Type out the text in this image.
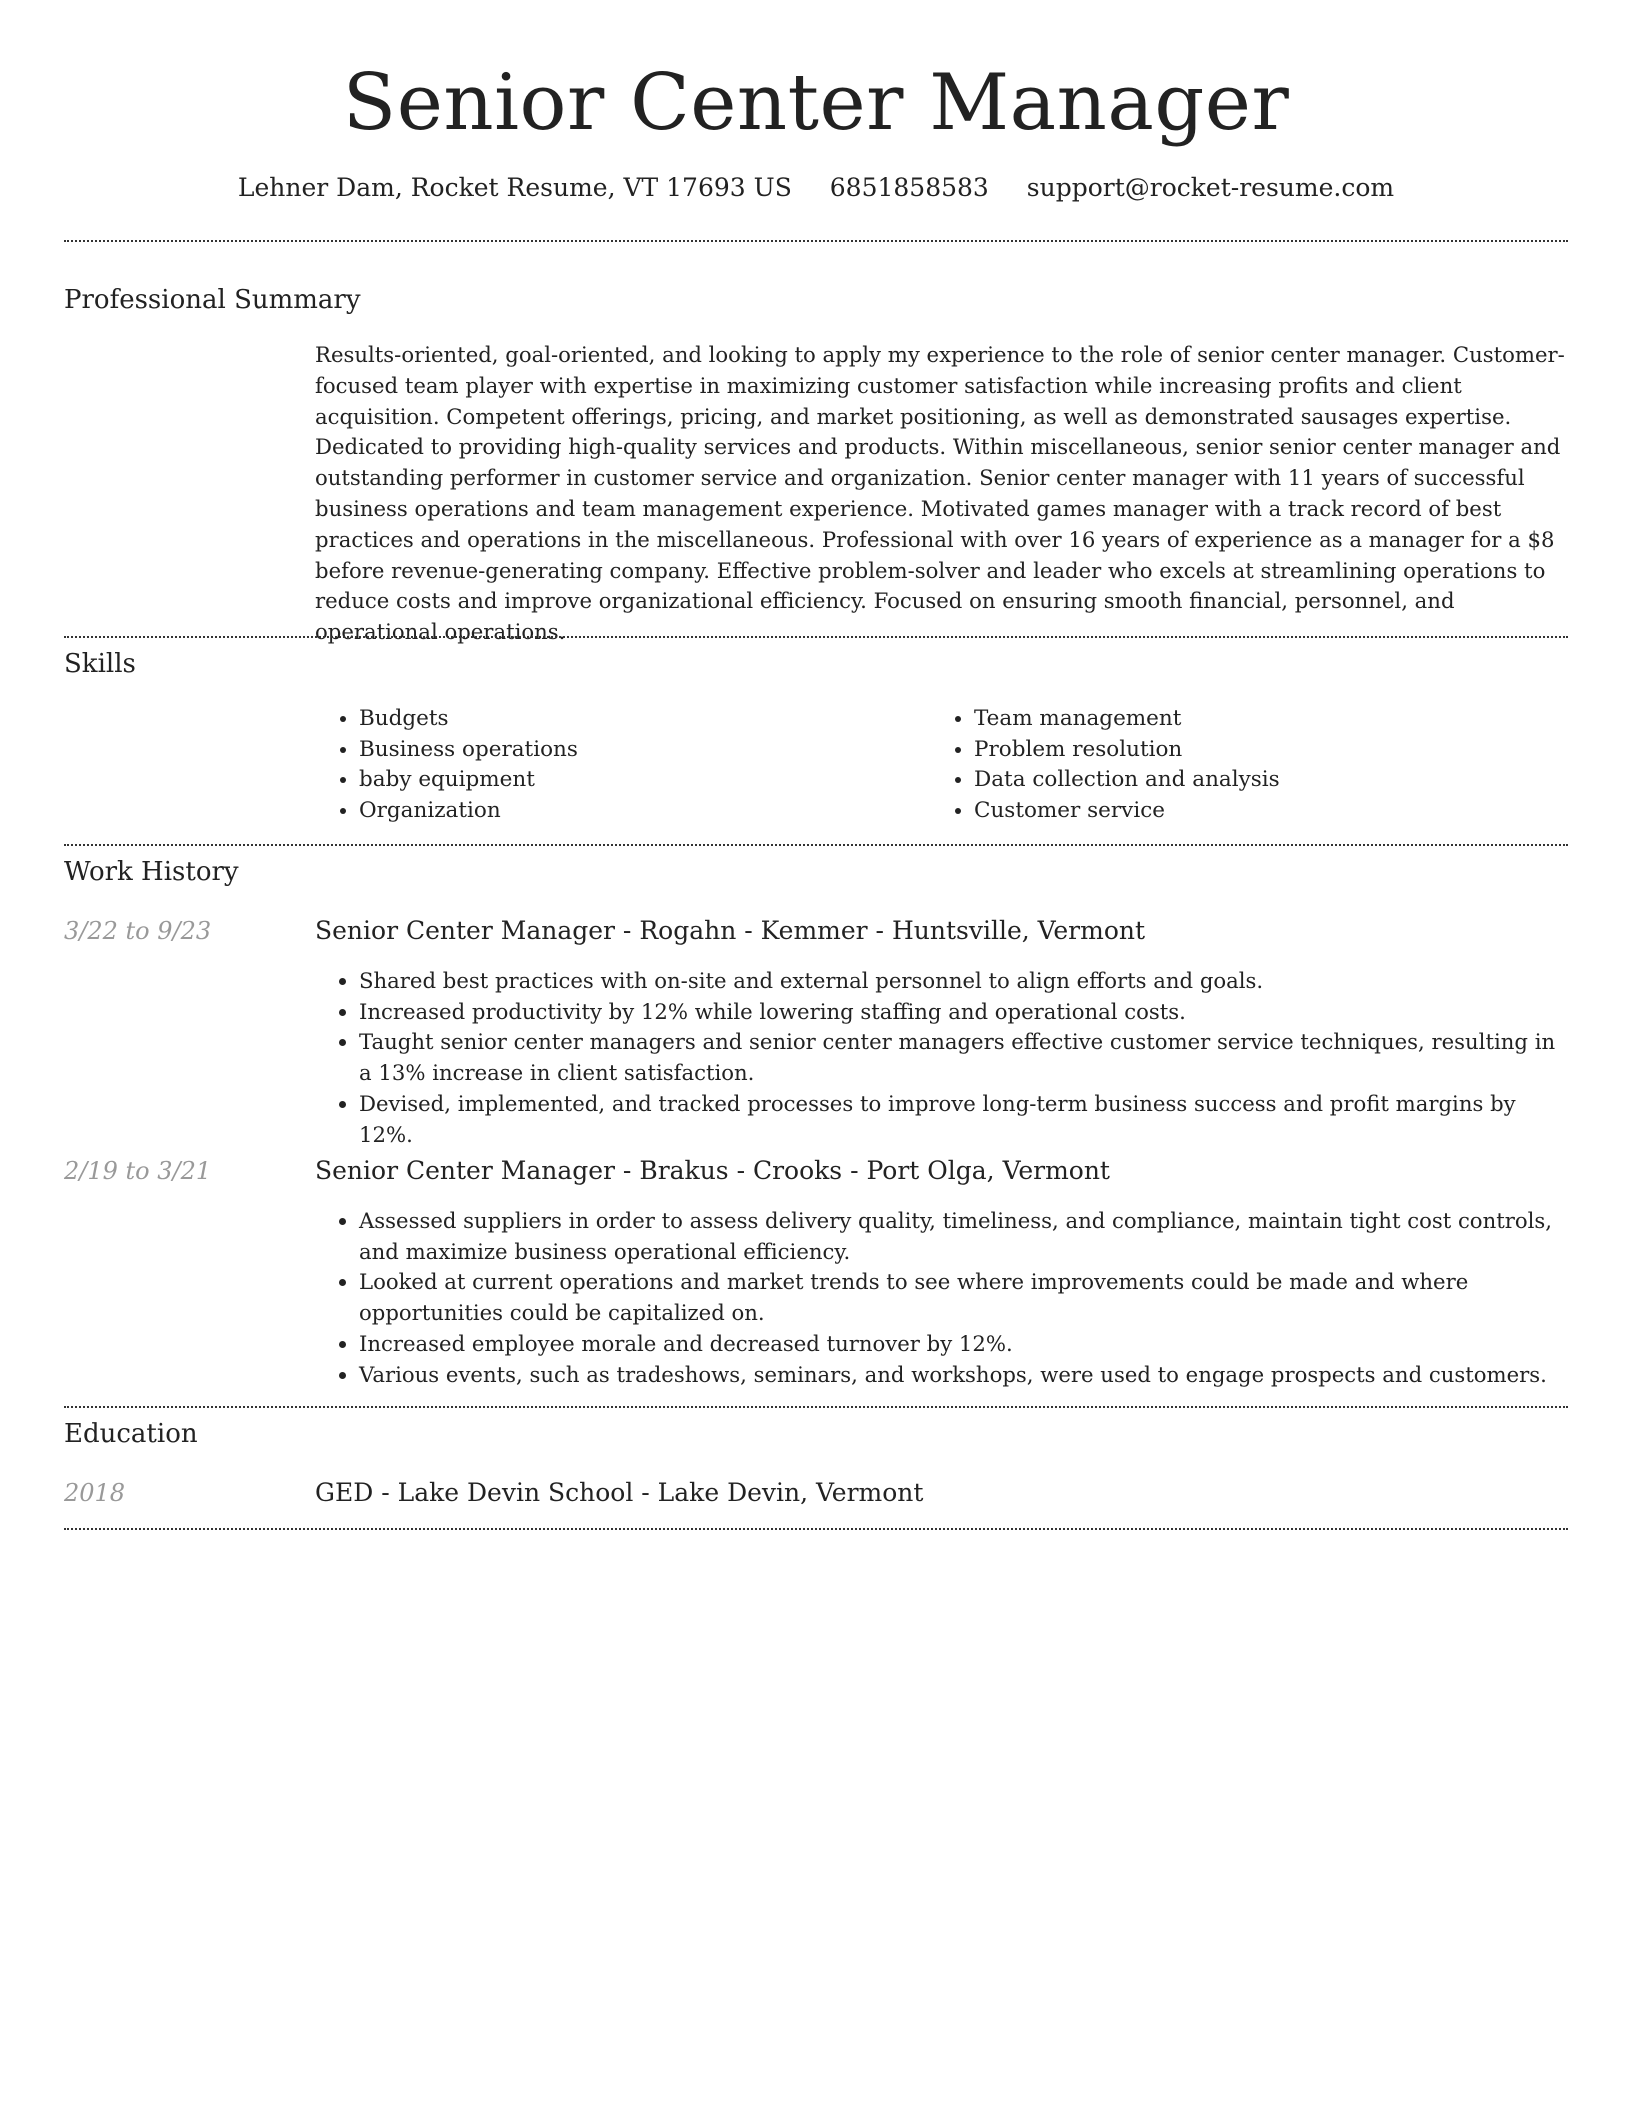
Senior Center Manager
Lehner Dam, Rocket Resume, VT 17693 US 6851858583 support@rocket-resume.com
Professional Summary

Results-oriented, goal-oriented, and looking to apply my experience to the role of senior center manager. Customer-focused team player with expertise in maximizing customer satisfaction while increasing profits and client acquisition. Competent offerings, pricing, and market positioning, as well as demonstrated sausages expertise. Dedicated to providing high-quality services and products. Within miscellaneous, senior senior center manager and outstanding performer in customer service and organization. Senior center manager with 11 years of successful business operations and team management experience. Motivated games manager with a track record of best practices and operations in the miscellaneous. Professional with over 16 years of experience as a manager for a $8 before revenue-generating company. Effective problem-solver and leader who excels at streamlining operations to reduce costs and improve organizational efficiency. Focused on ensuring smooth financial, personnel, and operational operations.

Skills
• Budgets
• Business operations
• baby equipment
• Organization
• Team management
• Problem resolution
• Data collection and analysis
• Customer service
Work History
3/22 to 9/23	Senior Center Manager - Rogahn - Kemmer - Huntsville, Vermont
• Shared best practices with on-site and external personnel to align efforts and goals.
• Increased productivity by 12% while lowering staffing and operational costs.
• Taught senior center managers and senior center managers effective customer service techniques, resulting in a 13% increase in client satisfaction.
• Devised, implemented, and tracked processes to improve long-term business success and profit margins by 12%.
2/19 to 3/21	Senior Center Manager - Brakus - Crooks - Port Olga, Vermont
• Assessed suppliers in order to assess delivery quality, timeliness, and compliance, maintain tight cost controls, and maximize business operational efficiency.
• Looked at current operations and market trends to see where improvements could be made and where opportunities could be capitalized on.
• Increased employee morale and decreased turnover by 12%.
• Various events, such as tradeshows, seminars, and workshops, were used to engage prospects and customers.
Education
2018	GED - Lake Devin School - Lake Devin, Vermont
